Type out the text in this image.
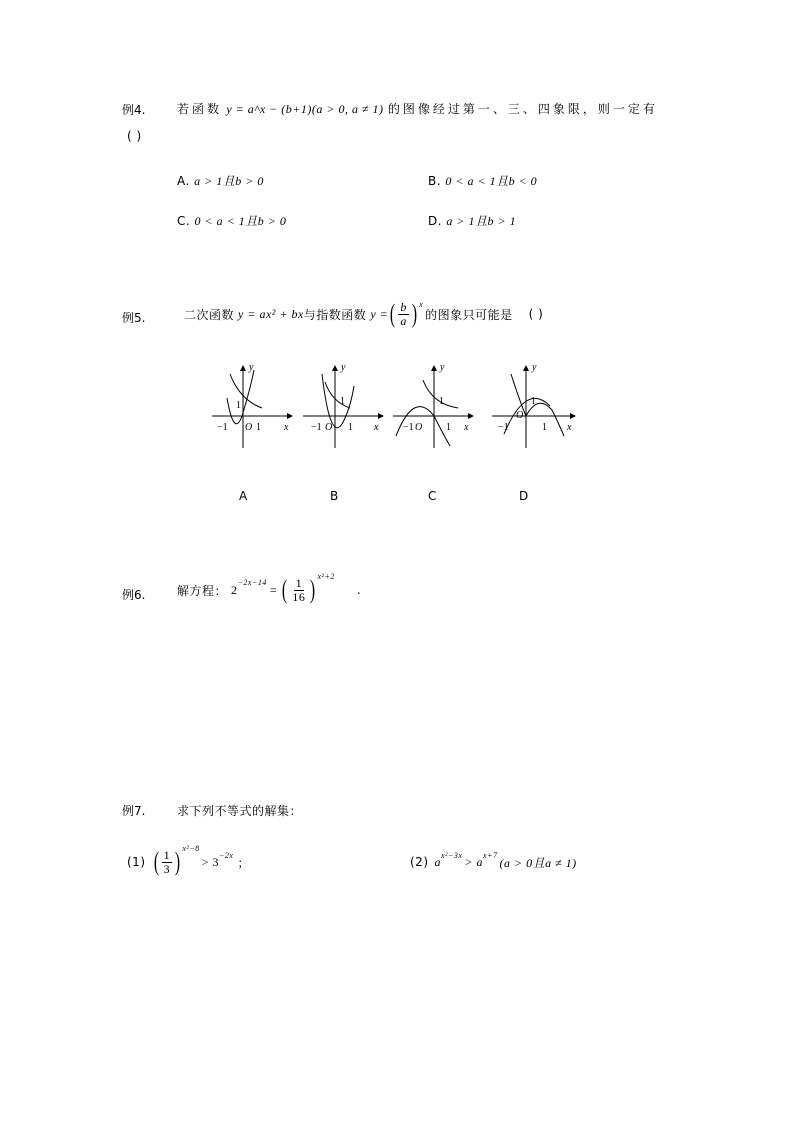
例4.	若函数 y = a^x − (b+1)(a > 0, a ≠ 1) 的图像经过第一、三、四象限，则一定有
( )
A. a > 1且b > 0	B. 0 < a < 1且b < 0
C. 0 < a < 1且b > 0	D. a > 1且b > 1
例5.	二次函数 y = ax² + bx 与指数函数 y = ( $\frac{b}{a} )^x$
的图象只可能是 ( )
y
x
−1 O 1
1
y
x
−1 O 1
1
y
x
−1 O 1
1
y
x
−1
O
1
1
A	B	C	D
例6.	解方程： 2
$^{-2x-14}$
= ( $\frac{1}{16} )^{x^2+2}$
.
例7.	求下列不等式的解集：
(1) ( $\frac{1}{3} )^{x^2-8}$
> $3^{-2x}$
；	(2) $a^{x^2-3x} > a^{x+7}$
(a > 0且a ≠ 1)
